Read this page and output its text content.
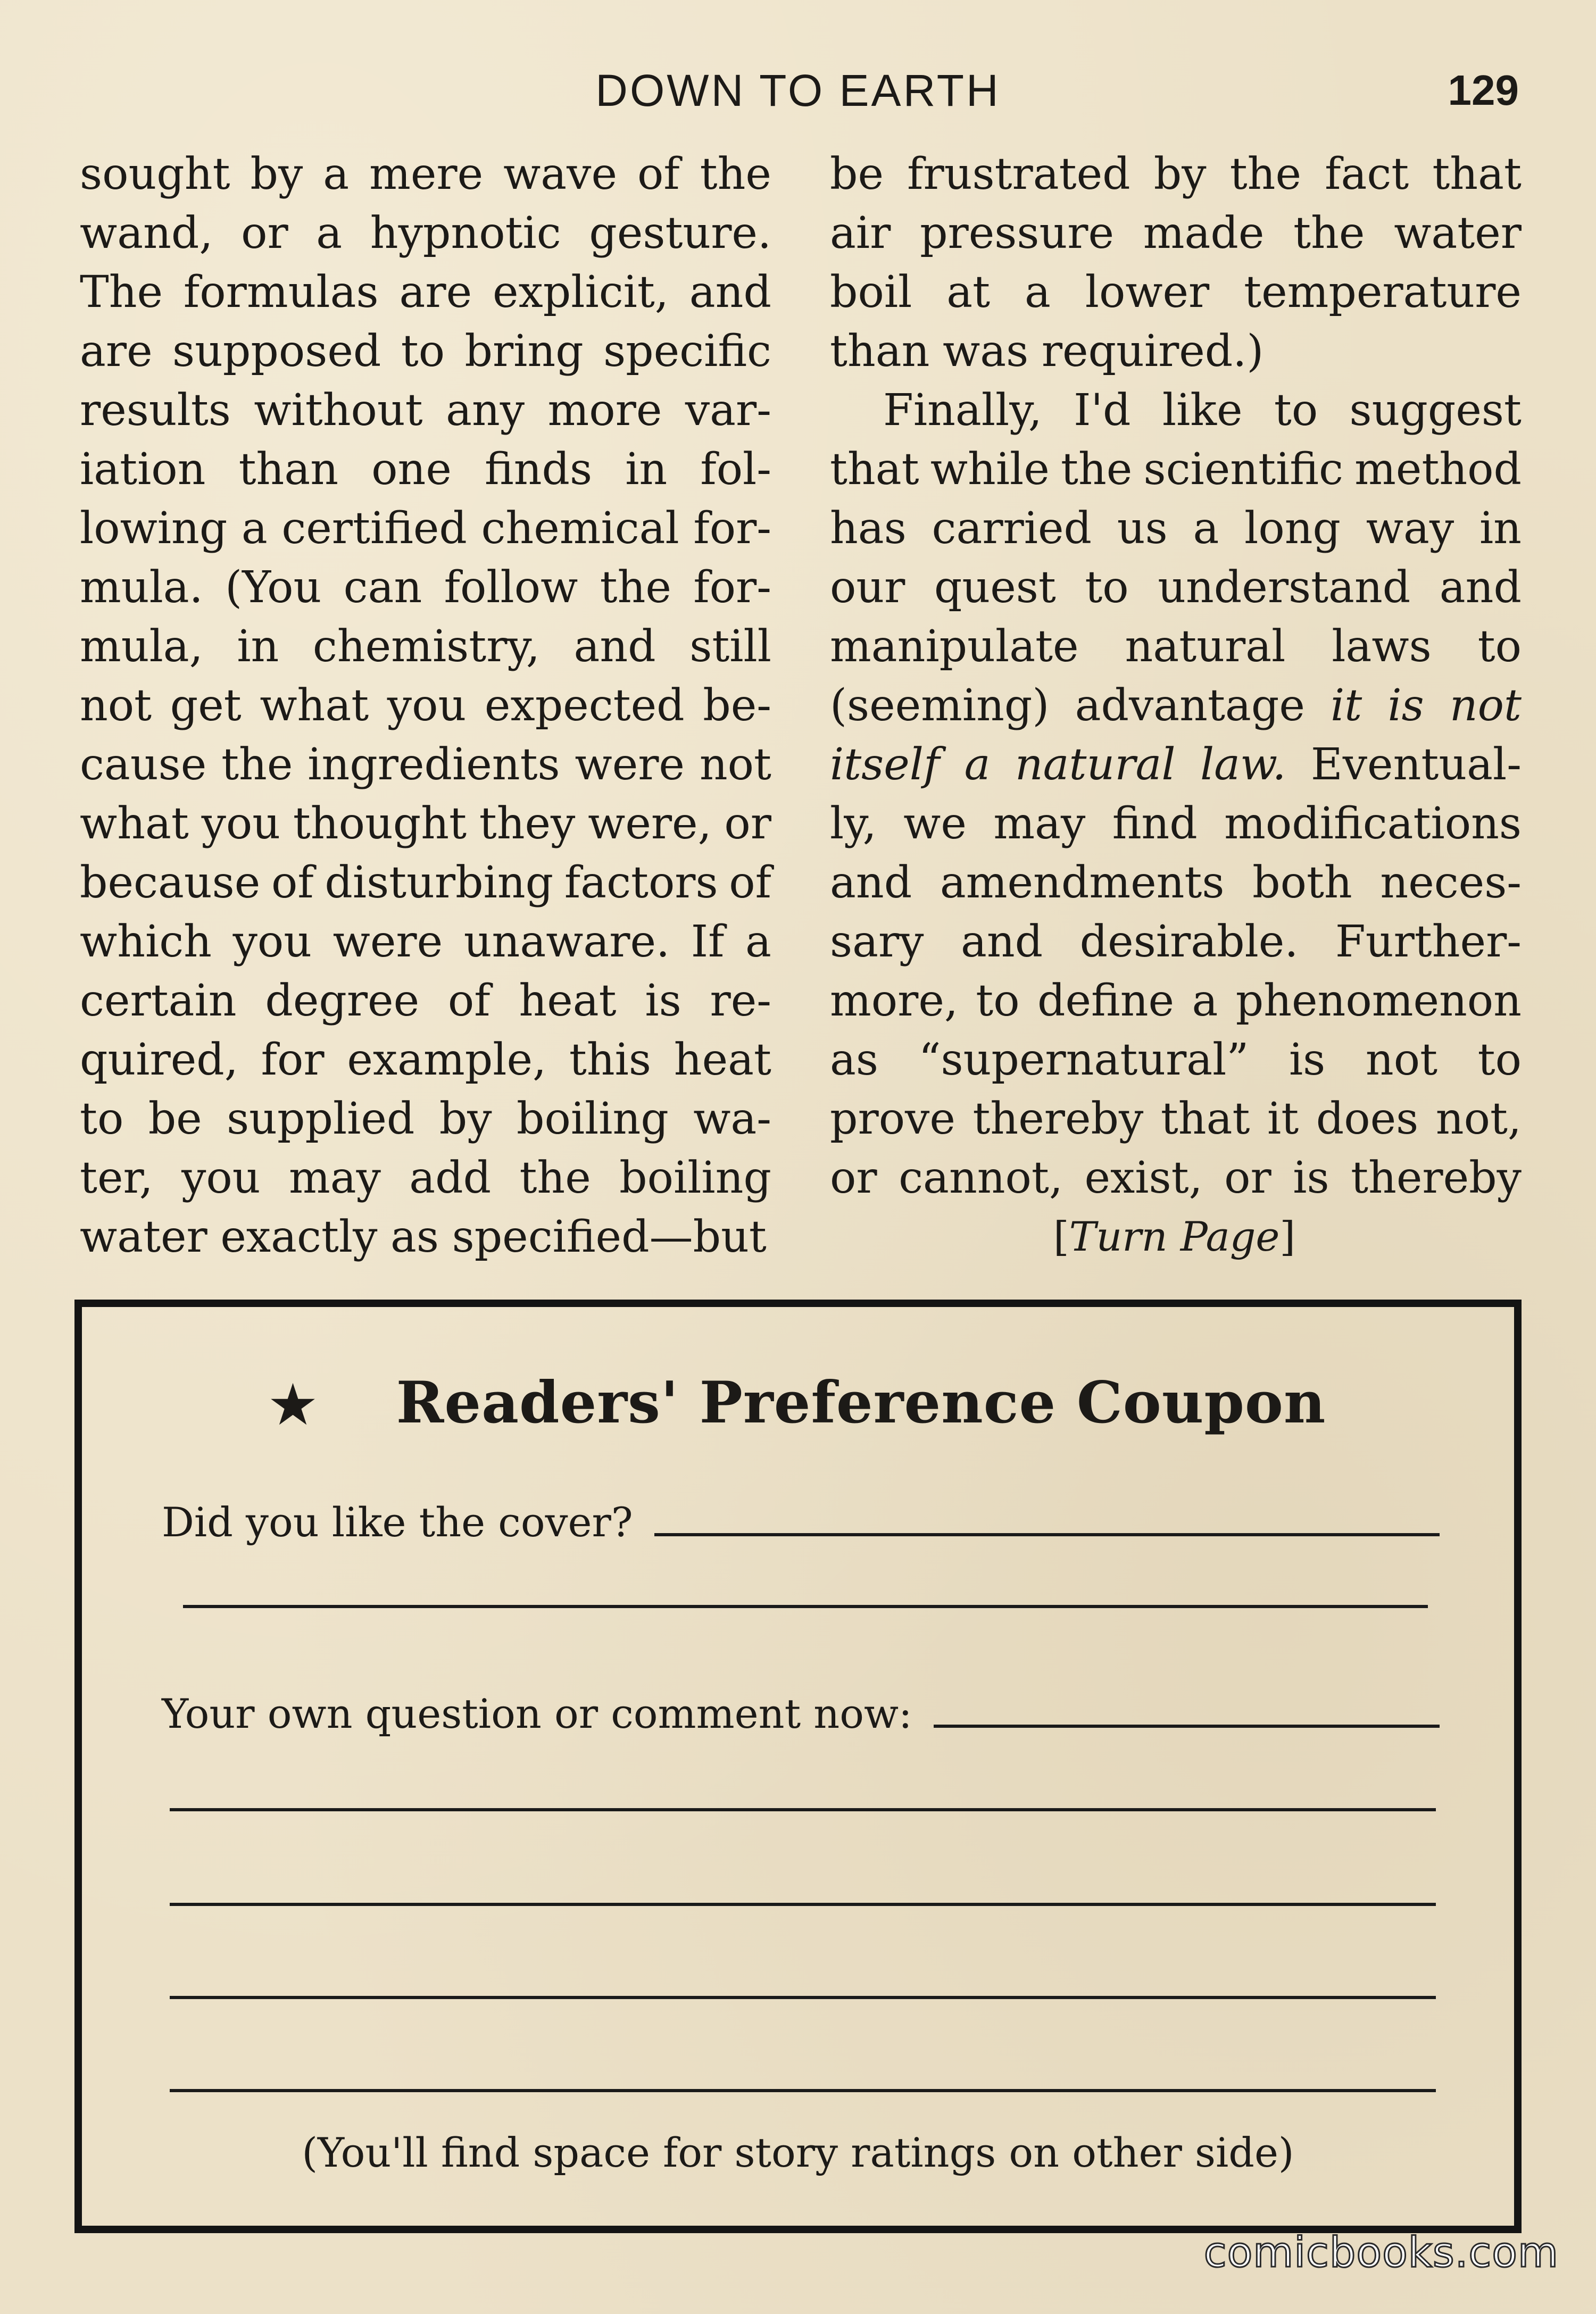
DOWN TO EARTH	129
sought by a mere wave of the
wand, or a hypnotic gesture.
The formulas are explicit, and
are supposed to bring specific
results without any more var-
iation than one finds in fol-
lowing a certified chemical for-
mula. (You can follow the for-
mula, in chemistry, and still
not get what you expected be-
cause the ingredients were not
what you thought they were, or
because of disturbing factors of
which you were unaware. If a
certain degree of heat is re-
quired, for example, this heat
to be supplied by boiling wa-
ter, you may add the boiling
water exactly as specified—but
be frustrated by the fact that
air pressure made the water
boil at a lower temperature
than was required.)
Finally, I'd like to suggest
that while the scientific method
has carried us a long way in
our quest to understand and
manipulate natural laws to
(seeming) advantage it is not
itself a natural law. Eventual-
ly, we may find modifications
and amendments both neces-
sary and desirable. Further-
more, to define a phenomenon
as “supernatural” is not to
prove thereby that it does not,
or cannot, exist, or is thereby
[Turn Page]
★ Readers' Preference Coupon
Did you like the cover?
Your own question or comment now:
(You'll find space for story ratings on other side)
comicbooks.com
